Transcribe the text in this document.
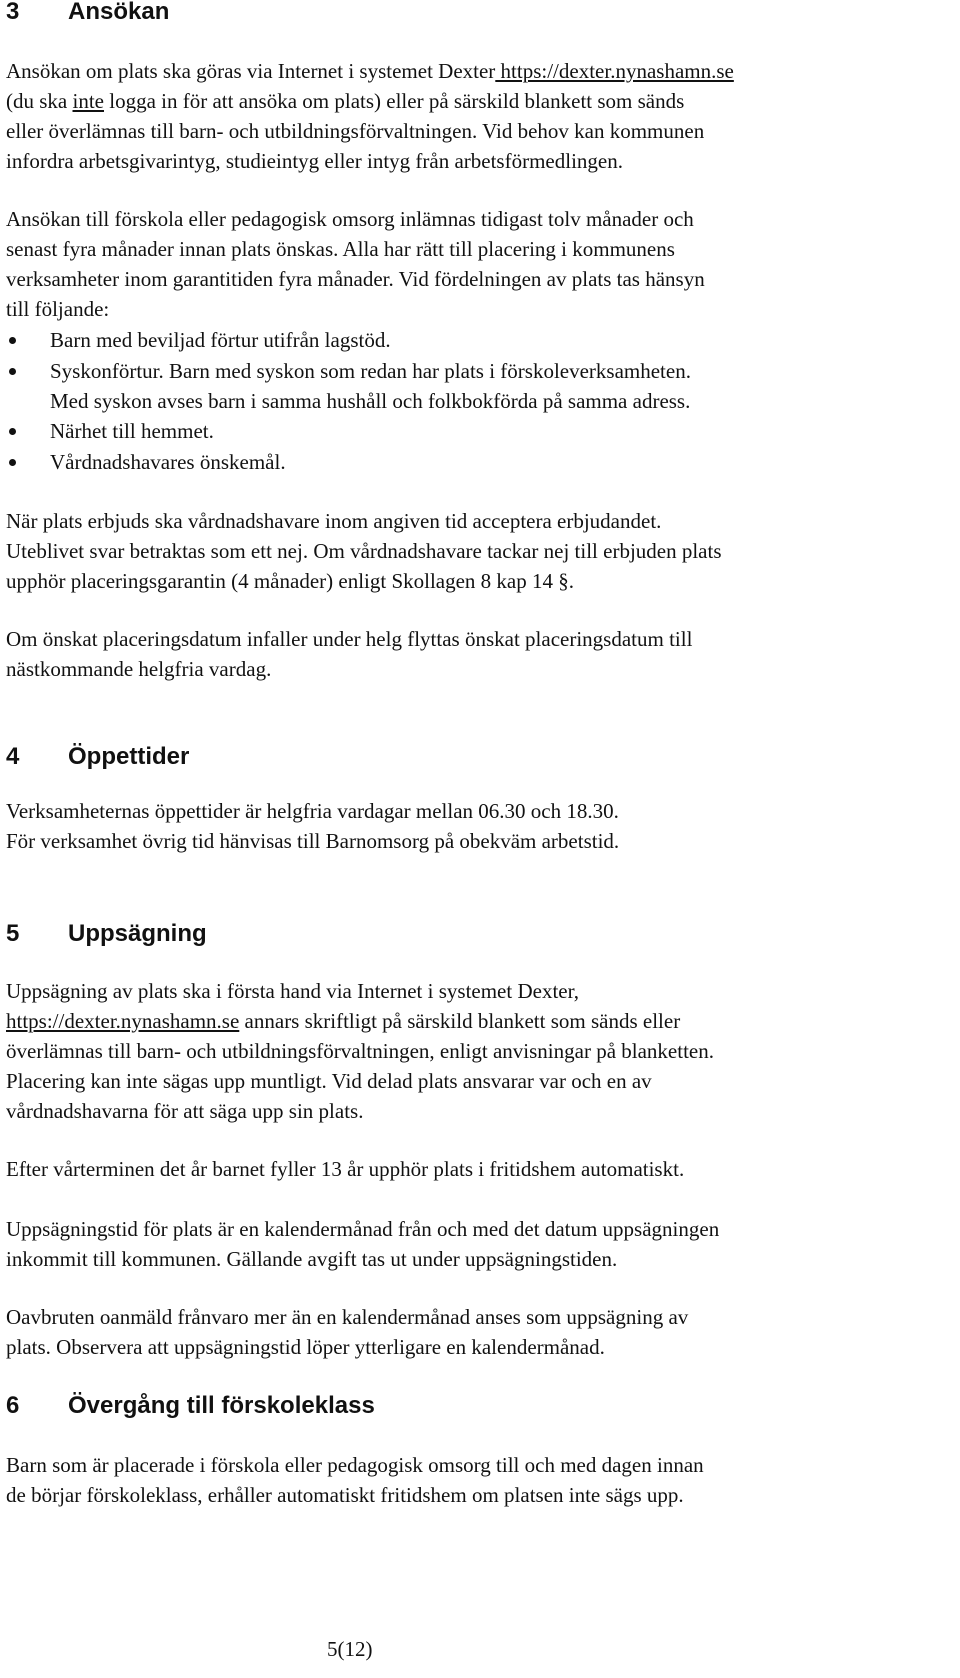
3 Ansökan
Ansökan om plats ska göras via Internet i systemet Dexter https://dexter.nynashamn.se
(du ska inte logga in för att ansöka om plats) eller på särskild blankett som sänds
eller överlämnas till barn- och utbildningsförvaltningen. Vid behov kan kommunen
infordra arbetsgivarintyg, studieintyg eller intyg från arbetsförmedlingen.
Ansökan till förskola eller pedagogisk omsorg inlämnas tidigast tolv månader och
senast fyra månader innan plats önskas. Alla har rätt till placering i kommunens
verksamheter inom garantitiden fyra månader. Vid fördelningen av plats tas hänsyn
till följande:
Barn med beviljad förtur utifrån lagstöd.
Syskonförtur. Barn med syskon som redan har plats i förskoleverksamheten.
Med syskon avses barn i samma hushåll och folkbokförda på samma adress.
Närhet till hemmet.
Vårdnadshavares önskemål.
När plats erbjuds ska vårdnadshavare inom angiven tid acceptera erbjudandet.
Uteblivet svar betraktas som ett nej. Om vårdnadshavare tackar nej till erbjuden plats
upphör placeringsgarantin (4 månader) enligt Skollagen 8 kap 14 §.
Om önskat placeringsdatum infaller under helg flyttas önskat placeringsdatum till
nästkommande helgfria vardag.
4 Öppettider
Verksamheternas öppettider är helgfria vardagar mellan 06.30 och 18.30.
För verksamhet övrig tid hänvisas till Barnomsorg på obekväm arbetstid.
5 Uppsägning
Uppsägning av plats ska i första hand via Internet i systemet Dexter,
https://dexter.nynashamn.se annars skriftligt på särskild blankett som sänds eller
överlämnas till barn- och utbildningsförvaltningen, enligt anvisningar på blanketten.
Placering kan inte sägas upp muntligt. Vid delad plats ansvarar var och en av
vårdnadshavarna för att säga upp sin plats.
Efter vårterminen det år barnet fyller 13 år upphör plats i fritidshem automatiskt.
Uppsägningstid för plats är en kalendermånad från och med det datum uppsägningen
inkommit till kommunen. Gällande avgift tas ut under uppsägningstiden.
Oavbruten oanmäld frånvaro mer än en kalendermånad anses som uppsägning av
plats. Observera att uppsägningstid löper ytterligare en kalendermånad.
6 Övergång till förskoleklass
Barn som är placerade i förskola eller pedagogisk omsorg till och med dagen innan
de börjar förskoleklass, erhåller automatiskt fritidshem om platsen inte sägs upp.
5(12)
